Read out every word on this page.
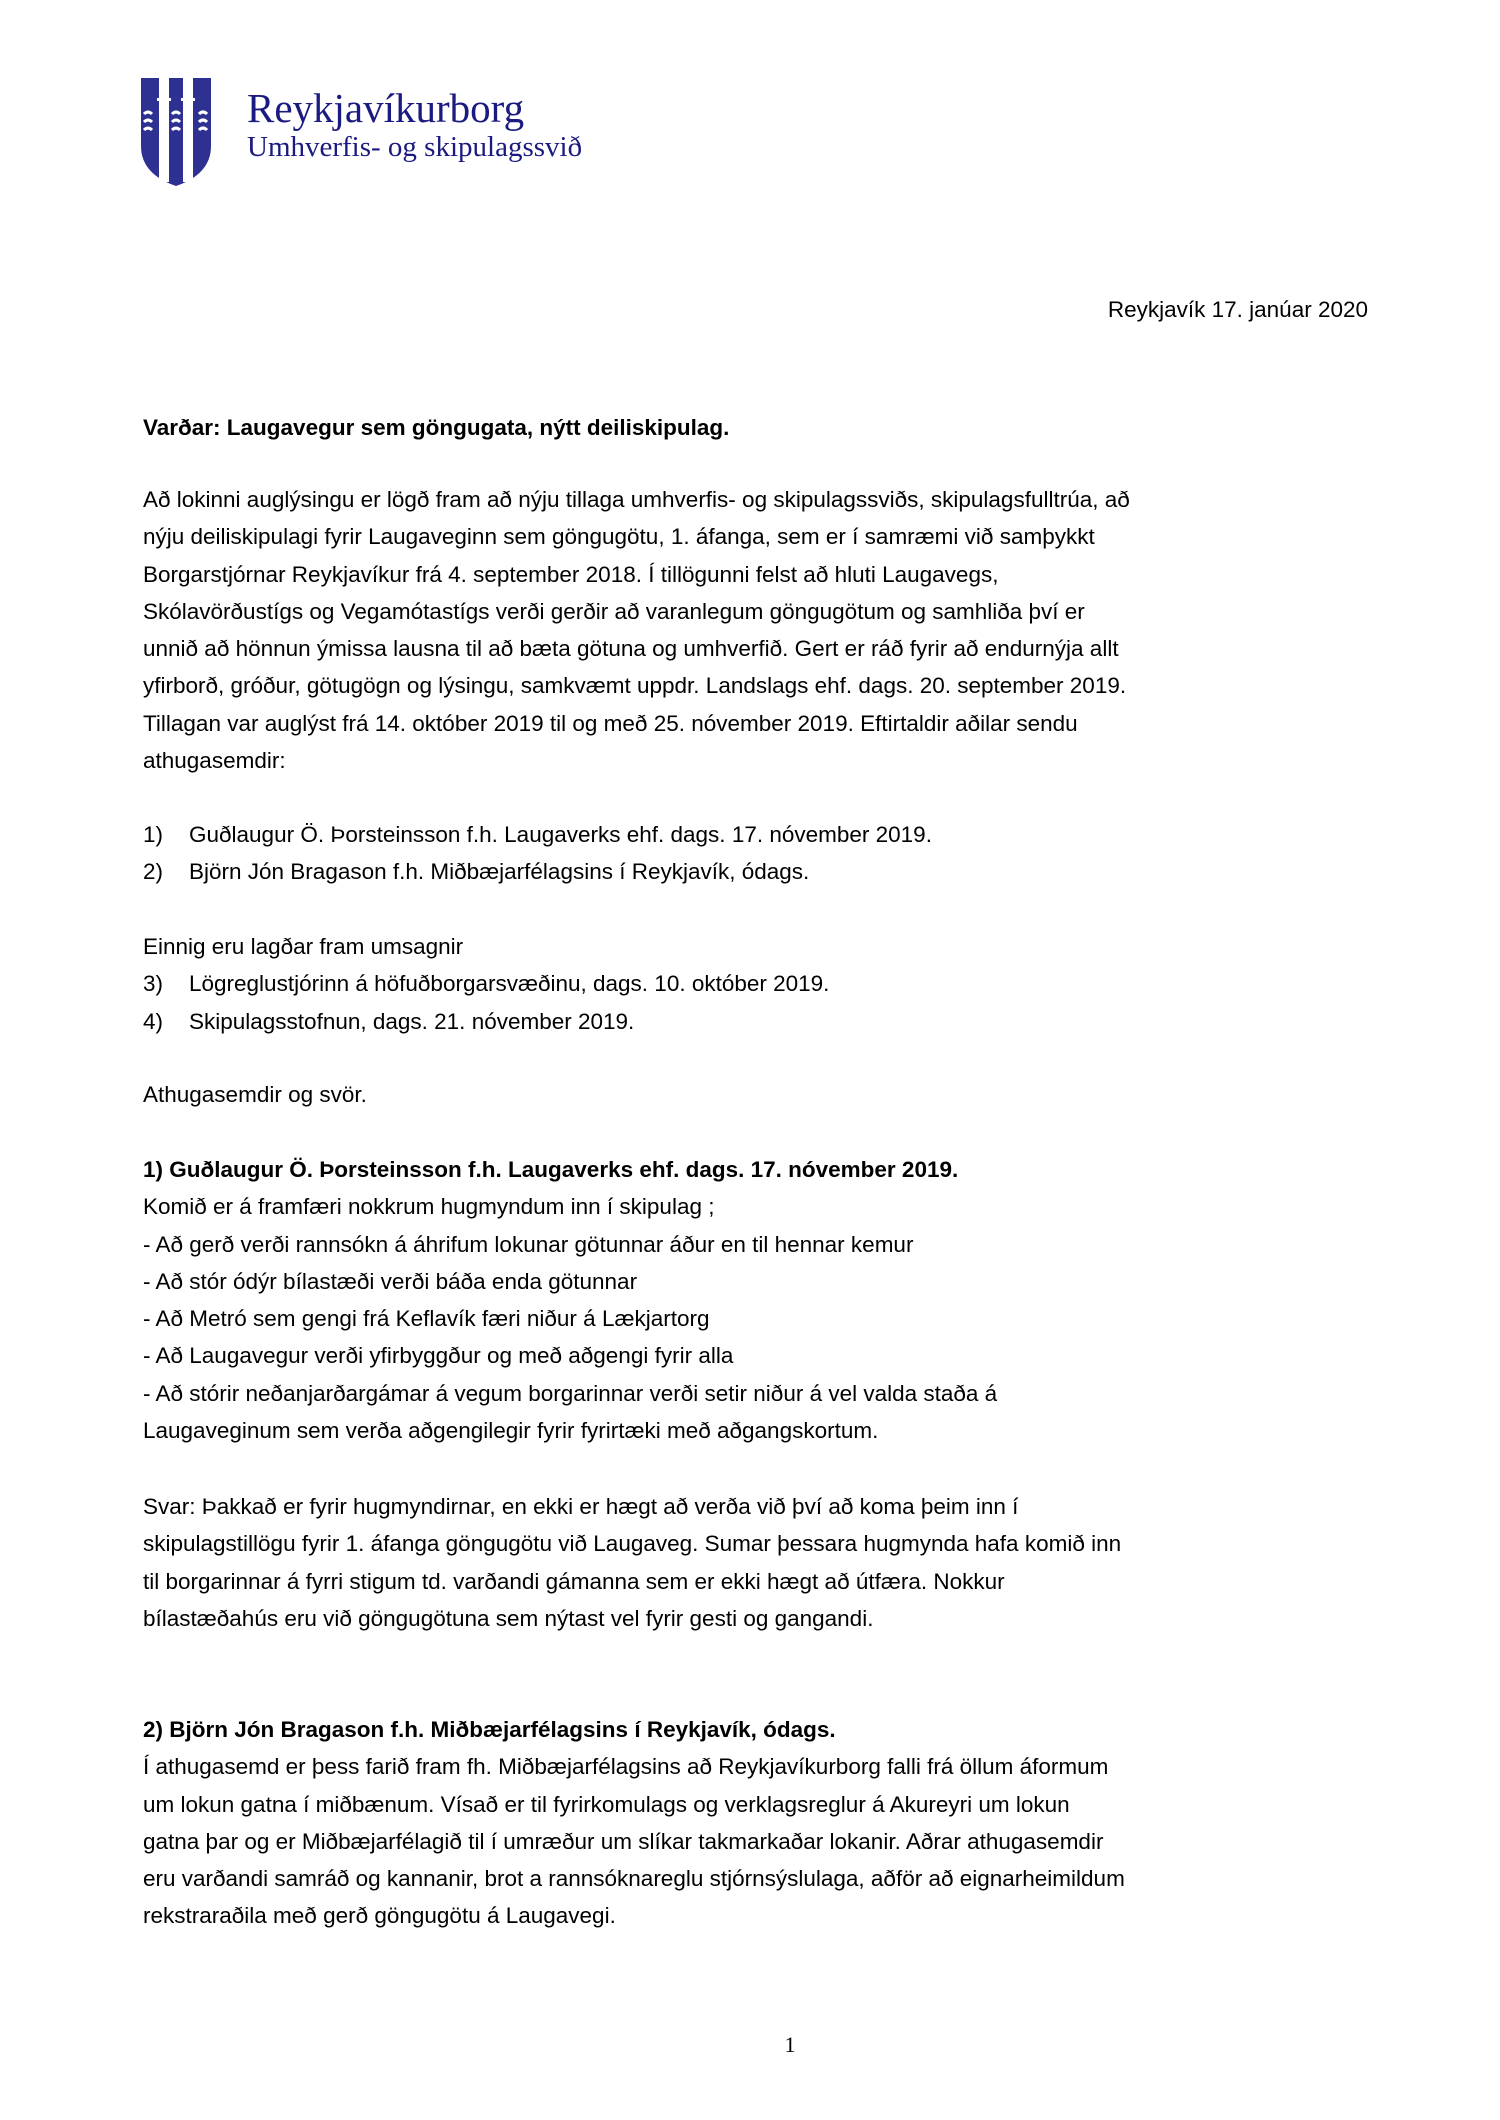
Reykjavíkurborg
Umhverfis- og skipulagssvið
Reykjavík 17. janúar 2020
Varðar: Laugavegur sem göngugata, nýtt deiliskipulag.
Að lokinni auglýsingu er lögð fram að nýju tillaga umhverfis- og skipulagssviðs, skipulagsfulltrúa, að
nýju deiliskipulagi fyrir Laugaveginn sem göngugötu, 1. áfanga, sem er í samræmi við samþykkt
Borgarstjórnar Reykjavíkur frá 4. september 2018. Í tillögunni felst að hluti Laugavegs,
Skólavörðustígs og Vegamótastígs verði gerðir að varanlegum göngugötum og samhliða því er
unnið að hönnun ýmissa lausna til að bæta götuna og umhverfið. Gert er ráð fyrir að endurnýja allt
yfirborð, gróður, götugögn og lýsingu, samkvæmt uppdr. Landslags ehf. dags. 20. september 2019.
Tillagan var auglýst frá 14. október 2019 til og með 25. nóvember 2019. Eftirtaldir aðilar sendu
athugasemdir:
1) Guðlaugur Ö. Þorsteinsson f.h. Laugaverks ehf. dags. 17. nóvember 2019.
2) Björn Jón Bragason f.h. Miðbæjarfélagsins í Reykjavík, ódags.
Einnig eru lagðar fram umsagnir
3) Lögreglustjórinn á höfuðborgarsvæðinu, dags. 10. október 2019.
4) Skipulagsstofnun, dags. 21. nóvember 2019.
Athugasemdir og svör.
1) Guðlaugur Ö. Þorsteinsson f.h. Laugaverks ehf. dags. 17. nóvember 2019.
Komið er á framfæri nokkrum hugmyndum inn í skipulag ;
- Að gerð verði rannsókn á áhrifum lokunar götunnar áður en til hennar kemur
- Að stór ódýr bílastæði verði báða enda götunnar
- Að Metró sem gengi frá Keflavík færi niður á Lækjartorg
- Að Laugavegur verði yfirbyggður og með aðgengi fyrir alla
- Að stórir neðanjarðargámar á vegum borgarinnar verði setir niður á vel valda staða á
Laugaveginum sem verða aðgengilegir fyrir fyrirtæki með aðgangskortum.
Svar: Þakkað er fyrir hugmyndirnar, en ekki er hægt að verða við því að koma þeim inn í
skipulagstillögu fyrir 1. áfanga göngugötu við Laugaveg. Sumar þessara hugmynda hafa komið inn
til borgarinnar á fyrri stigum td. varðandi gámanna sem er ekki hægt að útfæra. Nokkur
bílastæðahús eru við göngugötuna sem nýtast vel fyrir gesti og gangandi.
2) Björn Jón Bragason f.h. Miðbæjarfélagsins í Reykjavík, ódags.
Í athugasemd er þess farið fram fh. Miðbæjarfélagsins að Reykjavíkurborg falli frá öllum áformum
um lokun gatna í miðbænum. Vísað er til fyrirkomulags og verklagsreglur á Akureyri um lokun
gatna þar og er Miðbæjarfélagið til í umræður um slíkar takmarkaðar lokanir. Aðrar athugasemdir
eru varðandi samráð og kannanir, brot a rannsóknareglu stjórnsýslulaga, aðför að eignarheimildum
rekstraraðila með gerð göngugötu á Laugavegi.
1
